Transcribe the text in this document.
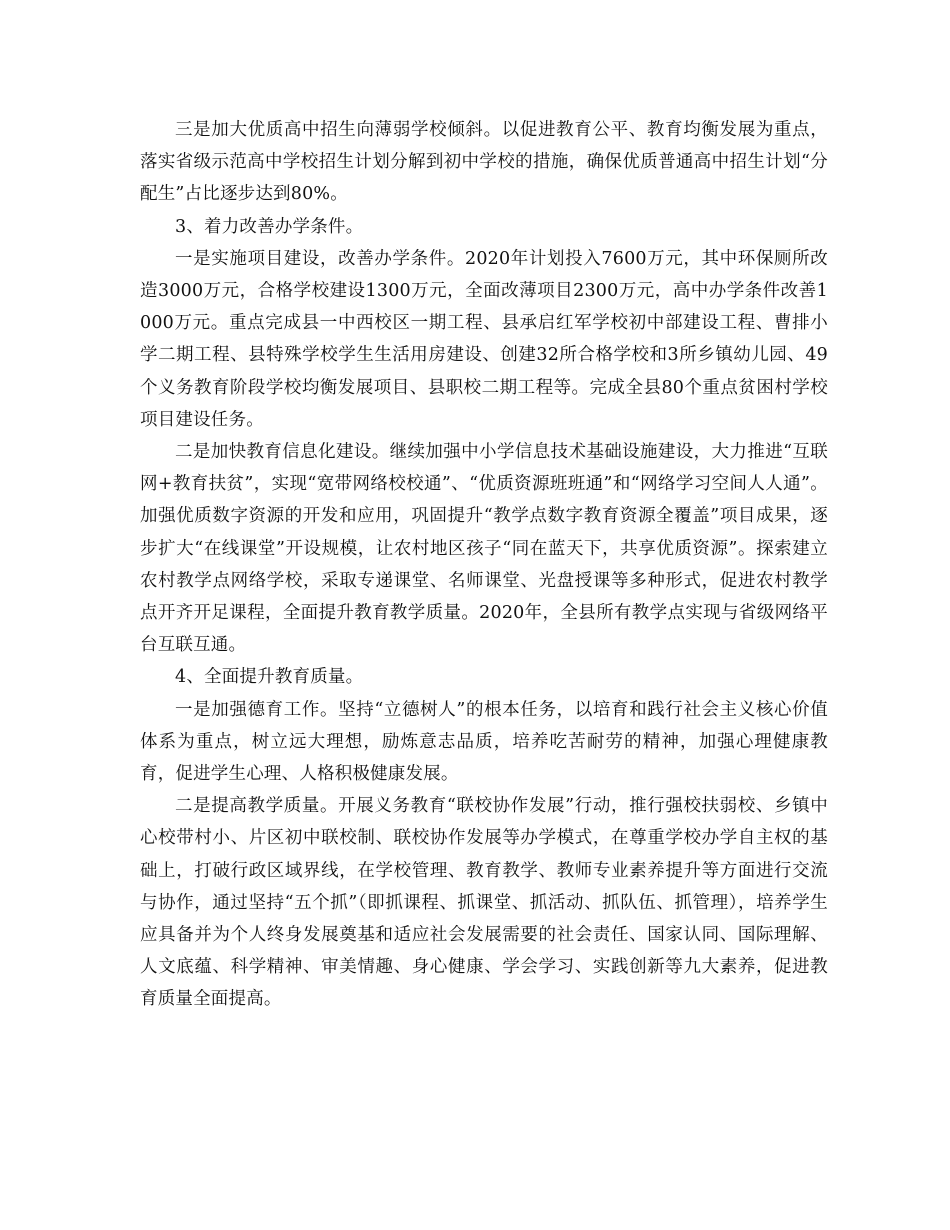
三是加大优质高中招生向薄弱学校倾斜。以促进教育公平、教育均衡发展为重点，落实省级示范高中学校招生计划分解到初中学校的措施，确保优质普通高中招生计划“分配生”占比逐步达到80%。

3、着力改善办学条件。

一是实施项目建设，改善办学条件。2020年计划投入7600万元，其中环保厕所改造3000万元，合格学校建设1300万元，全面改薄项目2300万元，高中办学条件改善1000万元。重点完成县一中西校区一期工程、县承启红军学校初中部建设工程、曹排小学二期工程、县特殊学校学生生活用房建设、创建32所合格学校和3所乡镇幼儿园、49个义务教育阶段学校均衡发展项目、县职校二期工程等。完成全县80个重点贫困村学校项目建设任务。

二是加快教育信息化建设。继续加强中小学信息技术基础设施建设，大力推进“互联网+教育扶贫”，实现“宽带网络校校通”、“优质资源班班通”和“网络学习空间人人通”。加强优质数字资源的开发和应用，巩固提升“教学点数字教育资源全覆盖”项目成果，逐步扩大“在线课堂”开设规模，让农村地区孩子“同在蓝天下，共享优质资源”。探索建立农村教学点网络学校，采取专递课堂、名师课堂、光盘授课等多种形式，促进农村教学点开齐开足课程，全面提升教育教学质量。2020年，全县所有教学点实现与省级网络平台互联互通。

4、全面提升教育质量。

一是加强德育工作。坚持“立德树人”的根本任务，以培育和践行社会主义核心价值体系为重点，树立远大理想，励炼意志品质，培养吃苦耐劳的精神，加强心理健康教育，促进学生心理、人格积极健康发展。

二是提高教学质量。开展义务教育“联校协作发展”行动，推行强校扶弱校、乡镇中心校带村小、片区初中联校制、联校协作发展等办学模式，在尊重学校办学自主权的基础上，打破行政区域界线，在学校管理、教育教学、教师专业素养提升等方面进行交流与协作，通过坚持“五个抓”（即抓课程、抓课堂、抓活动、抓队伍、抓管理），培养学生应具备并为个人终身发展奠基和适应社会发展需要的社会责任、国家认同、国际理解、人文底蕴、科学精神、审美情趣、身心健康、学会学习、实践创新等九大素养，促进教育质量全面提高。
